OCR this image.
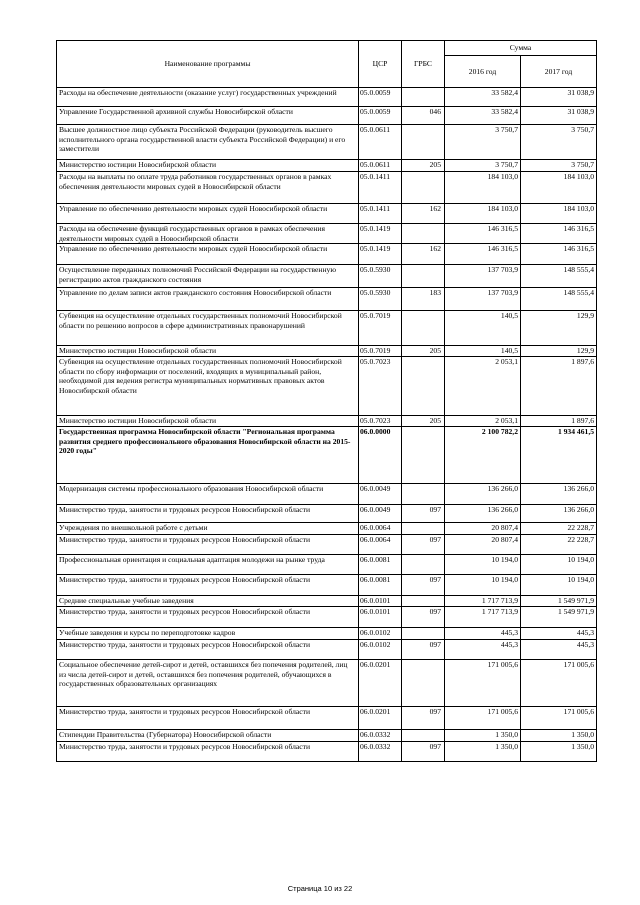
Наименование программы	ЦСР	ГРБС	Сумма	
			2016 год	2017 год
Расходы на обеспечение деятельности (оказание услуг) государственных учреждений	05.0.0059		33 582,4	31 038,9
Управление Государственной архивной службы Новосибирской области	05.0.0059	046	33 582,4	31 038,9
Высшее должностное лицо субъекта Российской Федерации (руководитель высшего исполнительного органа государственной власти субъекта Российской Федерации) и его заместители	05.0.0611		3 750,7	3 750,7
Министерство юстиции Новосибирской области	05.0.0611	205	3 750,7	3 750,7
Расходы на выплаты по оплате труда работников государственных органов в рамках обеспечения деятельности мировых судей в Новосибирской области	05.0.1411		184 103,0	184 103,0
Управление по обеспечению деятельности мировых судей Новосибирской области	05.0.1411	162	184 103,0	184 103,0
Расходы на обеспечение функций государственных органов в рамках обеспечения деятельности мировых судей в Новосибирской области	05.0.1419		146 316,5	146 316,5
Управление по обеспечению деятельности мировых судей Новосибирской области	05.0.1419	162	146 316,5	146 316,5
Осуществление переданных полномочий Российской Федерации на государственную регистрацию актов гражданского состояния	05.0.5930		137 703,9	148 555,4
Управление по делам записи актов гражданского состояния Новосибирской области	05.0.5930	183	137 703,9	148 555,4
Субвенция на осуществление отдельных государственных полномочий Новосибирской области по решению вопросов в сфере административных правонарушений	05.0.7019		140,5	129,9
Министерство юстиции Новосибирской области	05.0.7019	205	140,5	129,9
Субвенция на осуществление отдельных государственных полномочий Новосибирской области по сбору информации от поселений, входящих в муниципальный район, необходимой для ведения регистра муниципальных нормативных правовых актов Новосибирской области	05.0.7023		2 053,1	1 897,6
Министерство юстиции Новосибирской области	05.0.7023	205	2 053,1	1 897,6
Государственная программа Новосибирской области "Региональная программа развития среднего профессионального образования Новосибирской области на 2015-2020 годы"	06.0.0000		2 100 782,2	1 934 461,5
Модернизация системы профессионального образования Новосибирской области	06.0.0049		136 266,0	136 266,0
Министерство труда, занятости и трудовых ресурсов Новосибирской области	06.0.0049	097	136 266,0	136 266,0
Учреждения по внешкольной работе с детьми	06.0.0064		20 807,4	22 228,7
Министерство труда, занятости и трудовых ресурсов Новосибирской области	06.0.0064	097	20 807,4	22 228,7
Профессиональная ориентация и социальная адаптация молодежи на рынке труда	06.0.0081		10 194,0	10 194,0
Министерство труда, занятости и трудовых ресурсов Новосибирской области	06.0.0081	097	10 194,0	10 194,0
Средние специальные учебные заведения	06.0.0101		1 717 713,9	1 549 971,9
Министерство труда, занятости и трудовых ресурсов Новосибирской области	06.0.0101	097	1 717 713,9	1 549 971,9
Учебные заведения и курсы по переподготовке кадров	06.0.0102		445,3	445,3
Министерство труда, занятости и трудовых ресурсов Новосибирской области	06.0.0102	097	445,3	445,3
Социальное обеспечение детей-сирот и детей, оставшихся без попечения родителей, лиц из числа детей-сирот и детей, оставшихся без попечения родителей, обучающихся в государственных образовательных организациях	06.0.0201		171 005,6	171 005,6
Министерство труда, занятости и трудовых ресурсов Новосибирской области	06.0.0201	097	171 005,6	171 005,6
Стипендии Правительства (Губернатора) Новосибирской области	06.0.0332		1 350,0	1 350,0
Министерство труда, занятости и трудовых ресурсов Новосибирской области	06.0.0332	097	1 350,0	1 350,0
Страница 10 из 22
